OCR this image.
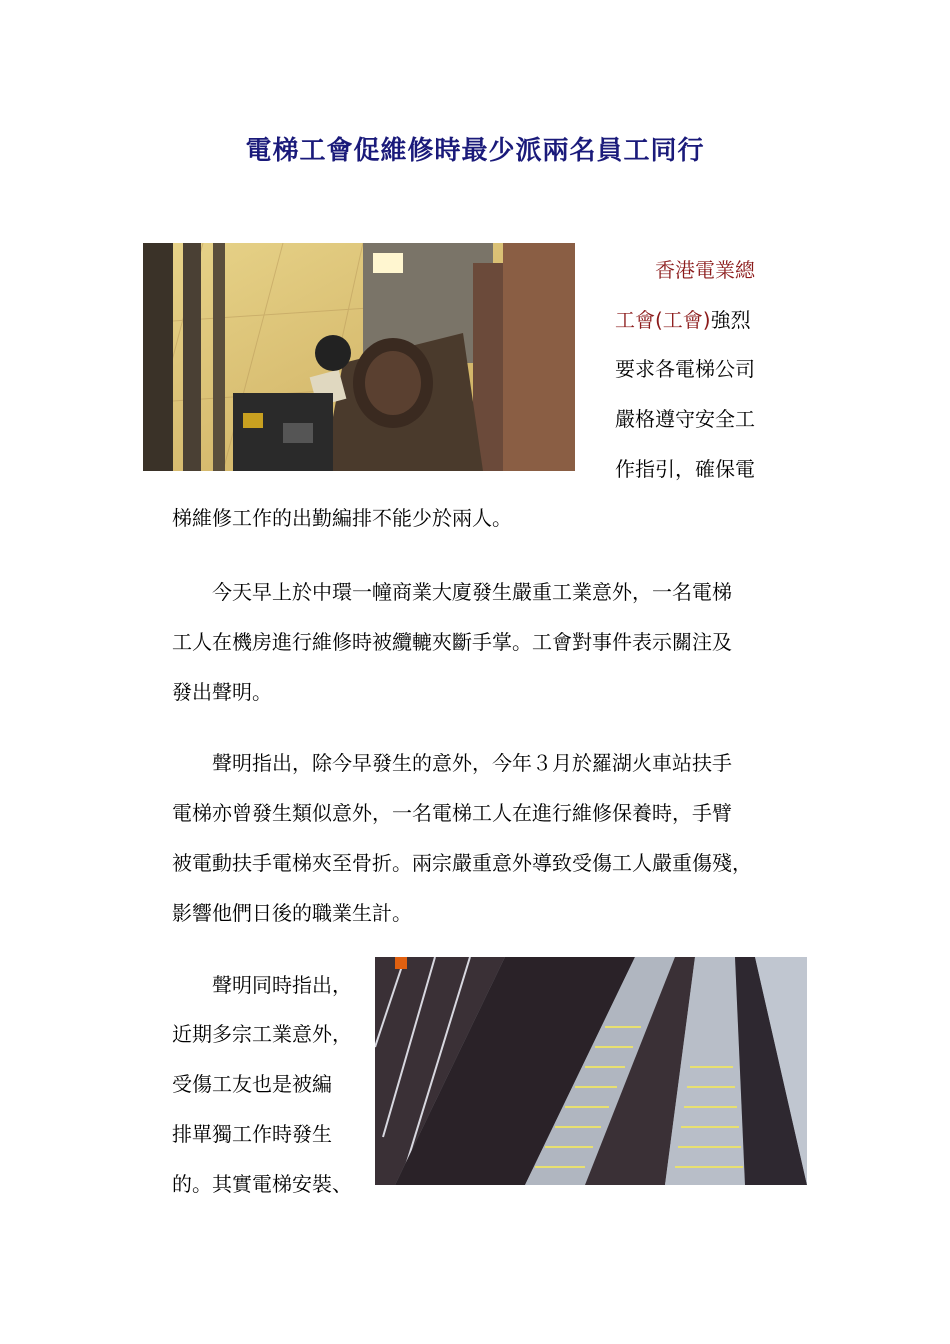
電梯工會促維修時最少派兩名員工同行
香港電業總
工會(工會)強烈
要求各電梯公司
嚴格遵守安全工
作指引，確保電
梯維修工作的出勤編排不能少於兩人。
　　今天早上於中環一幢商業大廈發生嚴重工業意外，一名電梯
工人在機房進行維修時被纜轆夾斷手掌。工會對事件表示關注及
發出聲明。
　　聲明指出，除今早發生的意外，今年３月於羅湖火車站扶手
電梯亦曾發生類似意外，一名電梯工人在進行維修保養時，手臂
被電動扶手電梯夾至骨折。兩宗嚴重意外導致受傷工人嚴重傷殘，
影響他們日後的職業生計。
　　聲明同時指出，
近期多宗工業意外，
受傷工友也是被編
排單獨工作時發生
的。其實電梯安裝、
